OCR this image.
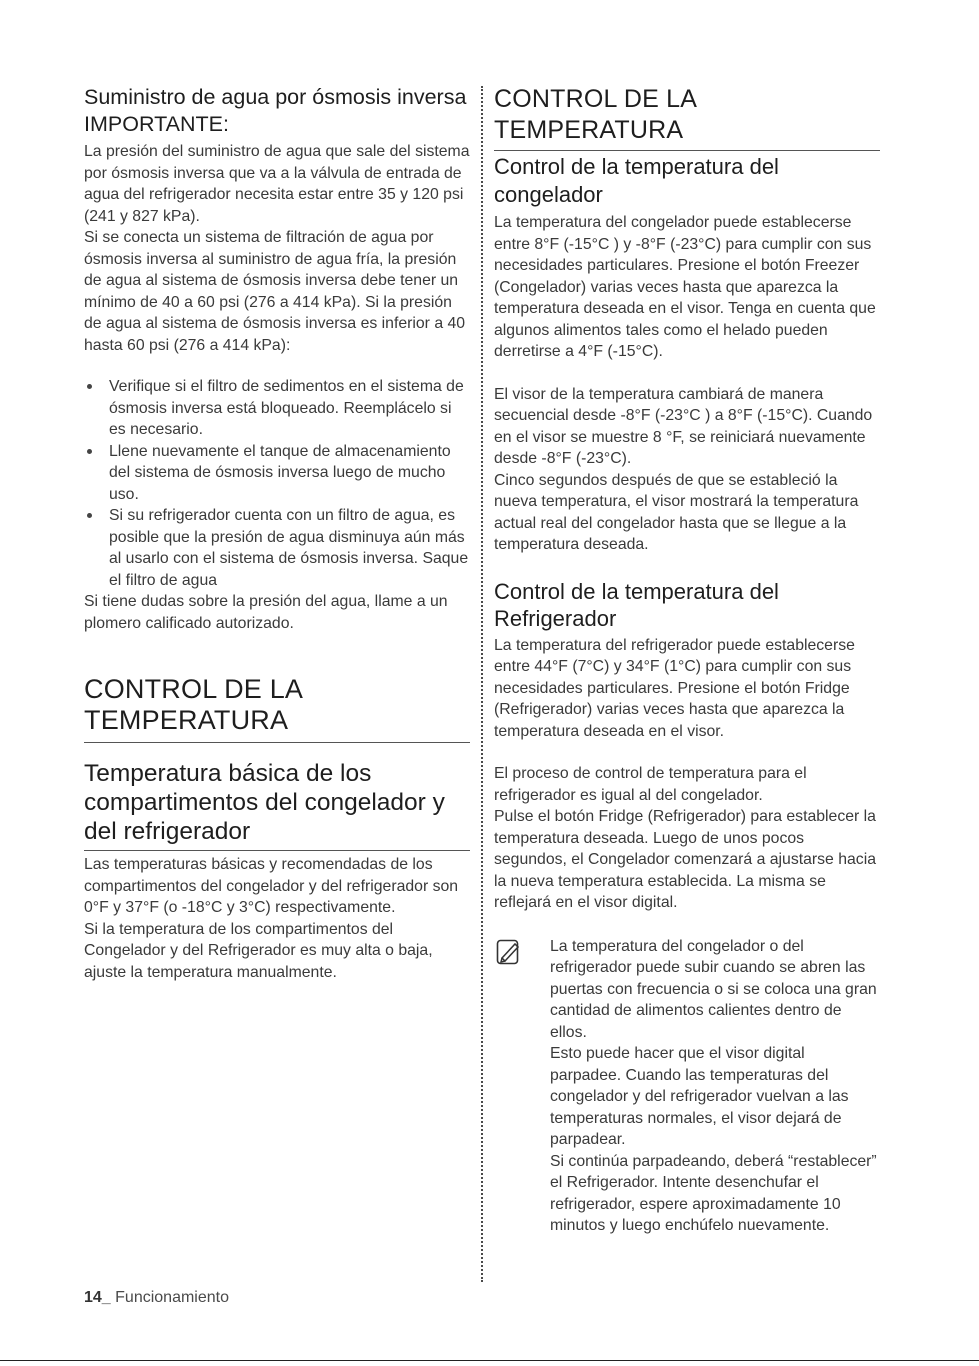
Suministro de agua por ósmosis inversa IMPORTANTE:

La presión del suministro de agua que sale del sistema por ósmosis inversa que va a la válvula de entrada de agua del refrigerador necesita estar entre 35 y 120 psi (241 y 827 kPa).

Si se conecta un sistema de filtración de agua por ósmosis inversa al suministro de agua fría, la presión de agua al sistema de ósmosis inversa debe tener un mínimo de 40 a 60 psi (276 a 414 kPa). Si la presión de agua al sistema de ósmosis inversa es inferior a 40 hasta 60 psi (276 a 414 kPa):

Verifique si el filtro de sedimentos en el sistema de ósmosis inversa está bloqueado. Reemplácelo si es necesario.
Llene nuevamente el tanque de almacenamiento del sistema de ósmosis inversa luego de mucho uso.
Si su refrigerador cuenta con un filtro de agua, es posible que la presión de agua disminuya aún más al usarlo con el sistema de ósmosis inversa. Saque el filtro de agua

Si tiene dudas sobre la presión del agua, llame a un plomero calificado autorizado.

CONTROL DE LA TEMPERATURA
Temperatura básica de los compartimentos del congelador y del refrigerador

Las temperaturas básicas y recomendadas de los compartimentos del congelador y del refrigerador son 0°F y 37°F (o -18°C y 3°C) respectivamente.

Si la temperatura de los compartimentos del Congelador y del Refrigerador es muy alta o baja, ajuste la temperatura manualmente.

CONTROL DE LA TEMPERATURA
Control de la temperatura del congelador

La temperatura del congelador puede establecerse entre 8°F (-15°C ) y -8°F (-23°C) para cumplir con sus necesidades particulares. Presione el botón Freezer (Congelador) varias veces hasta que aparezca la temperatura deseada en el visor. Tenga en cuenta que algunos alimentos tales como el helado pueden derretirse a 4°F (-15°C).

El visor de la temperatura cambiará de manera secuencial desde -8°F (-23°C ) a 8°F (-15°C). Cuando en el visor se muestre 8 °F, se reiniciará nuevamente desde -8°F (-23°C).

Cinco segundos después de que se estableció la nueva temperatura, el visor mostrará la temperatura actual real del congelador hasta que se llegue a la temperatura deseada.

Control de la temperatura del Refrigerador

La temperatura del refrigerador puede establecerse entre 44°F (7°C) y 34°F (1°C) para cumplir con sus necesidades particulares. Presione el botón Fridge (Refrigerador) varias veces hasta que aparezca la temperatura deseada en el visor.

El proceso de control de temperatura para el refrigerador es igual al del congelador.

Pulse el botón Fridge (Refrigerador) para establecer la temperatura deseada. Luego de unos pocos segundos, el Congelador comenzará a ajustarse hacia la nueva temperatura establecida. La misma se reflejará en el visor digital.

La temperatura del congelador o del refrigerador puede subir cuando se abren las puertas con frecuencia o si se coloca una gran cantidad de alimentos calientes dentro de ellos.

Esto puede hacer que el visor digital parpadee. Cuando las temperaturas del congelador y del refrigerador vuelvan a las temperaturas normales, el visor dejará de parpadear.

Si continúa parpadeando, deberá “restablecer” el Refrigerador. Intente desenchufar el refrigerador, espere aproximadamente 10 minutos y luego enchúfelo nuevamente.

14_ Funcionamiento
